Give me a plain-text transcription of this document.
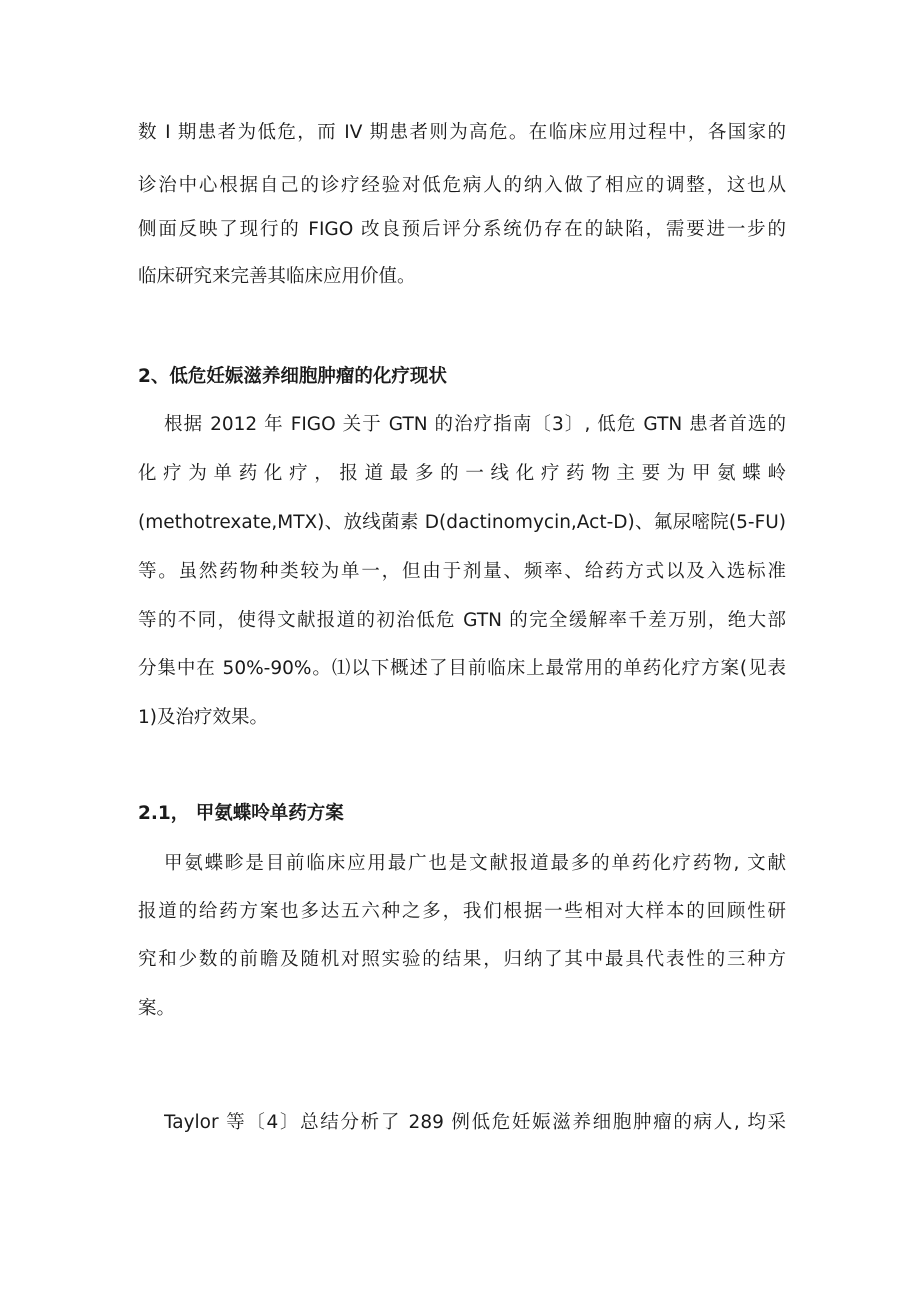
数 I 期患者为低危，而 IV 期患者则为高危。在临床应用过程中，各国家的
诊治中心根据自己的诊疗经验对低危病人的纳入做了相应的调整，这也从
侧面反映了现行的 FIGO 改良预后评分系统仍存在的缺陷，需要进一步的
临床研究来完善其临床应用价值。
2、低危妊娠滋养细胞肿瘤的化疗现状
根据 2012 年 FIGO 关于 GTN 的治疗指南〔3〕, 低危 GTN 患者首选的
化 疗 为 单 药 化 疗 ， 报 道 最 多 的 一 线 化 疗 药 物 主 要 为 甲 氨 蝶 岭
(methotrexate,MTX)、放线菌素 D(dactinomycin,Act-D)、氟尿嘧院(5-FU)
等。虽然药物种类较为单一，但由于剂量、频率、给药方式以及入选标准
等的不同，使得文献报道的初治低危 GTN 的完全缓解率千差万别，绝大部
分集中在 50%-90%。⑴以下概述了目前临床上最常用的单药化疗方案(见表
1)及治疗效果。
2.1， 甲氨蝶呤单药方案
甲氨蝶畛是目前临床应用最广也是文献报道最多的单药化疗药物, 文献
报道的给药方案也多达五六种之多，我们根据一些相对大样本的回顾性研
究和少数的前瞻及随机对照实验的结果，归纳了其中最具代表性的三种方
案。
Taylor 等〔4〕总结分析了 289 例低危妊娠滋养细胞肿瘤的病人, 均采
